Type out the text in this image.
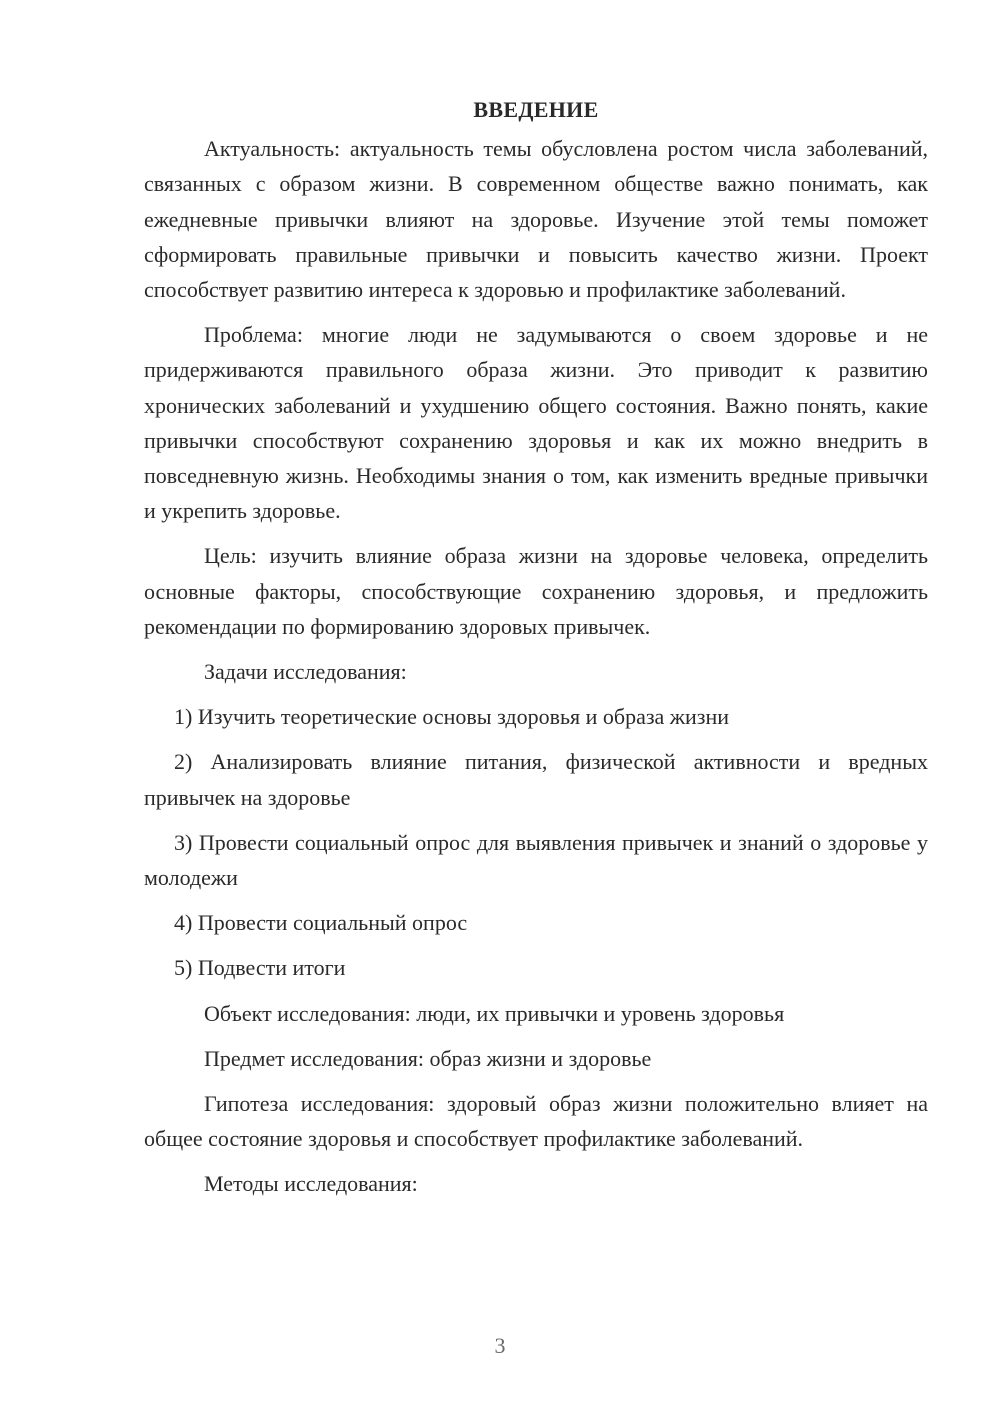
ВВЕДЕНИЕ

Актуальность: актуальность темы обусловлена ростом числа заболеваний, связанных с образом жизни. В современном обществе важно понимать, как ежедневные привычки влияют на здоровье. Изучение этой темы поможет сформировать правильные привычки и повысить качество жизни. Проект способствует развитию интереса к здоровью и профилактике заболеваний.

Проблема: многие люди не задумываются о своем здоровье и не придерживаются правильного образа жизни. Это приводит к развитию хронических заболеваний и ухудшению общего состояния. Важно понять, какие привычки способствуют сохранению здоровья и как их можно внедрить в повседневную жизнь. Необходимы знания о том, как изменить вредные привычки и укрепить здоровье.

Цель: изучить влияние образа жизни на здоровье человека, определить основные факторы, способствующие сохранению здоровья, и предложить рекомендации по формированию здоровых привычек.

Задачи исследования:

1) Изучить теоретические основы здоровья и образа жизни

2) Анализировать влияние питания, физической активности и вредных привычек на здоровье

3) Провести социальный опрос для выявления привычек и знаний о здоровье у молодежи

4) Провести социальный опрос

5) Подвести итоги

Объект исследования: люди, их привычки и уровень здоровья

Предмет исследования: образ жизни и здоровье

Гипотеза исследования: здоровый образ жизни положительно влияет на общее состояние здоровья и способствует профилактике заболеваний.

Методы исследования:

3
